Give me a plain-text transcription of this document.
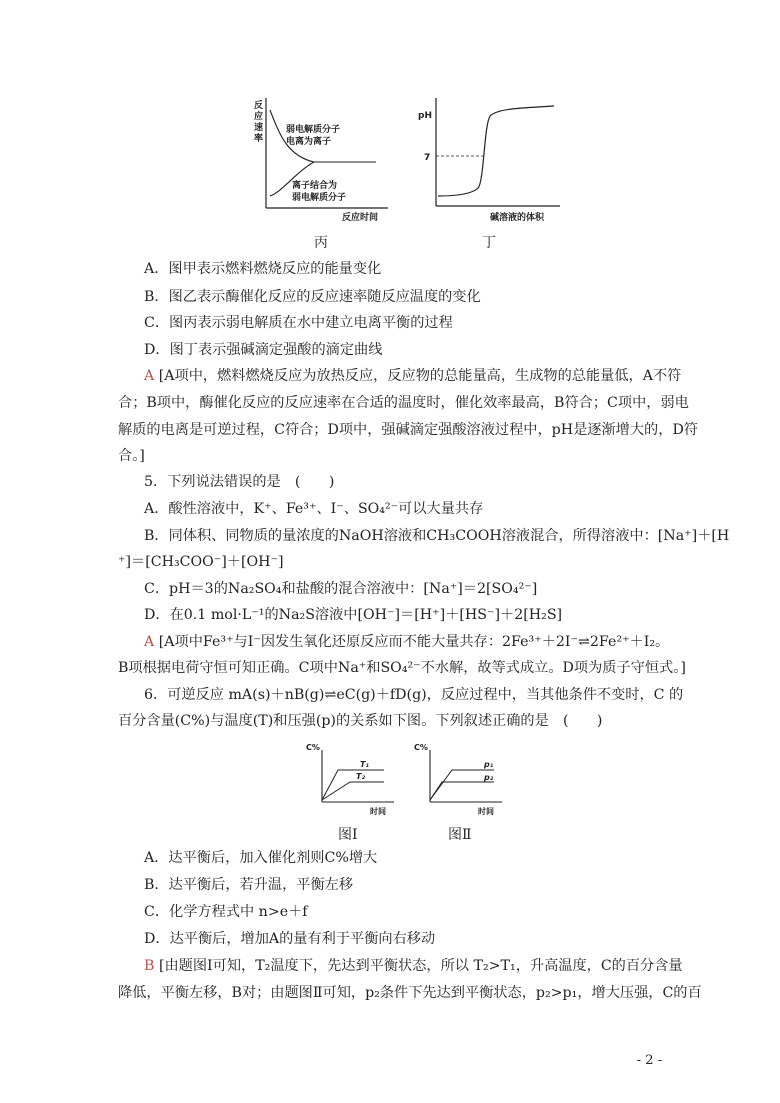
反应速率
弱电解质分子
电离为离子
离子结合为
弱电解质分子
反应时间
丙
pH
7
碱溶液的体积
丁
A．图甲表示燃料燃烧反应的能量变化
B．图乙表示酶催化反应的反应速率随反应温度的变化
C．图丙表示弱电解质在水中建立电离平衡的过程
D．图丁表示强碱滴定强酸的滴定曲线
A [A项中，燃料燃烧反应为放热反应，反应物的总能量高，生成物的总能量低，A不符
合；B项中，酶催化反应的反应速率在合适的温度时，催化效率最高，B符合；C项中，弱电
解质的电离是可逆过程，C符合；D项中，强碱滴定强酸溶液过程中，pH是逐渐增大的，D符
合。]
5．下列说法错误的是　(　　)
A．酸性溶液中，K⁺、Fe³⁺、I⁻、SO₄²⁻可以大量共存
B．同体积、同物质的量浓度的NaOH溶液和CH₃COOH溶液混合，所得溶液中：[Na⁺]＋[H
⁺]＝[CH₃COO⁻]＋[OH⁻]
C．pH＝3的Na₂SO₄和盐酸的混合溶液中：[Na⁺]＝2[SO₄²⁻]
D．在0.1 mol·L⁻¹的Na₂S溶液中[OH⁻]＝[H⁺]＋[HS⁻]＋2[H₂S]
A [A项中Fe³⁺与I⁻因发生氧化还原反应而不能大量共存：2Fe³⁺＋2I⁻⇌2Fe²⁺＋I₂。
B项根据电荷守恒可知正确。C项中Na⁺和SO₄²⁻不水解，故等式成立。D项为质子守恒式。]
6．可逆反应 mA(s)＋nB(g)⇌eC(g)＋fD(g)，反应过程中，当其他条件不变时，C 的
百分含量(C%)与温度(T)和压强(p)的关系如下图。下列叙述正确的是　(　　)
C%
T₁
T₂
时间
图Ⅰ
C%
p₁
p₂
时间
图Ⅱ
A．达平衡后，加入催化剂则C%增大
B．达平衡后，若升温，平衡左移
C．化学方程式中 n>e＋f
D．达平衡后，增加A的量有利于平衡向右移动
B [由题图Ⅰ可知，T₂温度下，先达到平衡状态，所以 T₂>T₁，升高温度，C的百分含量
降低，平衡左移，B对；由题图Ⅱ可知，p₂条件下先达到平衡状态，p₂>p₁，增大压强，C的百
- 2 -
